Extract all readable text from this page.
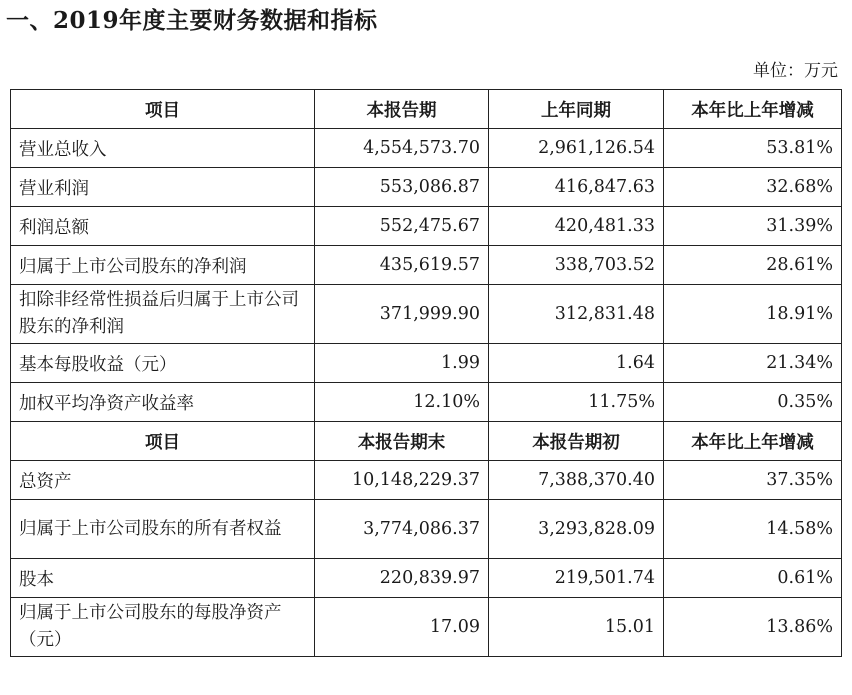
一、2019年度主要财务数据和指标
单位：万元
项目	本报告期	上年同期	本年比上年增减
营业总收入	4,554,573.70	2,961,126.54	53.81%
营业利润	553,086.87	416,847.63	32.68%
利润总额	552,475.67	420,481.33	31.39%
归属于上市公司股东的净利润	435,619.57	338,703.52	28.61%
扣除非经常性损益后归属于上市公司股东的净利润	371,999.90	312,831.48	18.91%
基本每股收益（元）	1.99	1.64	21.34%
加权平均净资产收益率	12.10%	11.75%	0.35%
项目	本报告期末	本报告期初	本年比上年增减
总资产	10,148,229.37	7,388,370.40	37.35%
归属于上市公司股东的所有者权益	3,774,086.37	3,293,828.09	14.58%
股本	220,839.97	219,501.74	0.61%
归属于上市公司股东的每股净资产（元）	17.09	15.01	13.86%
